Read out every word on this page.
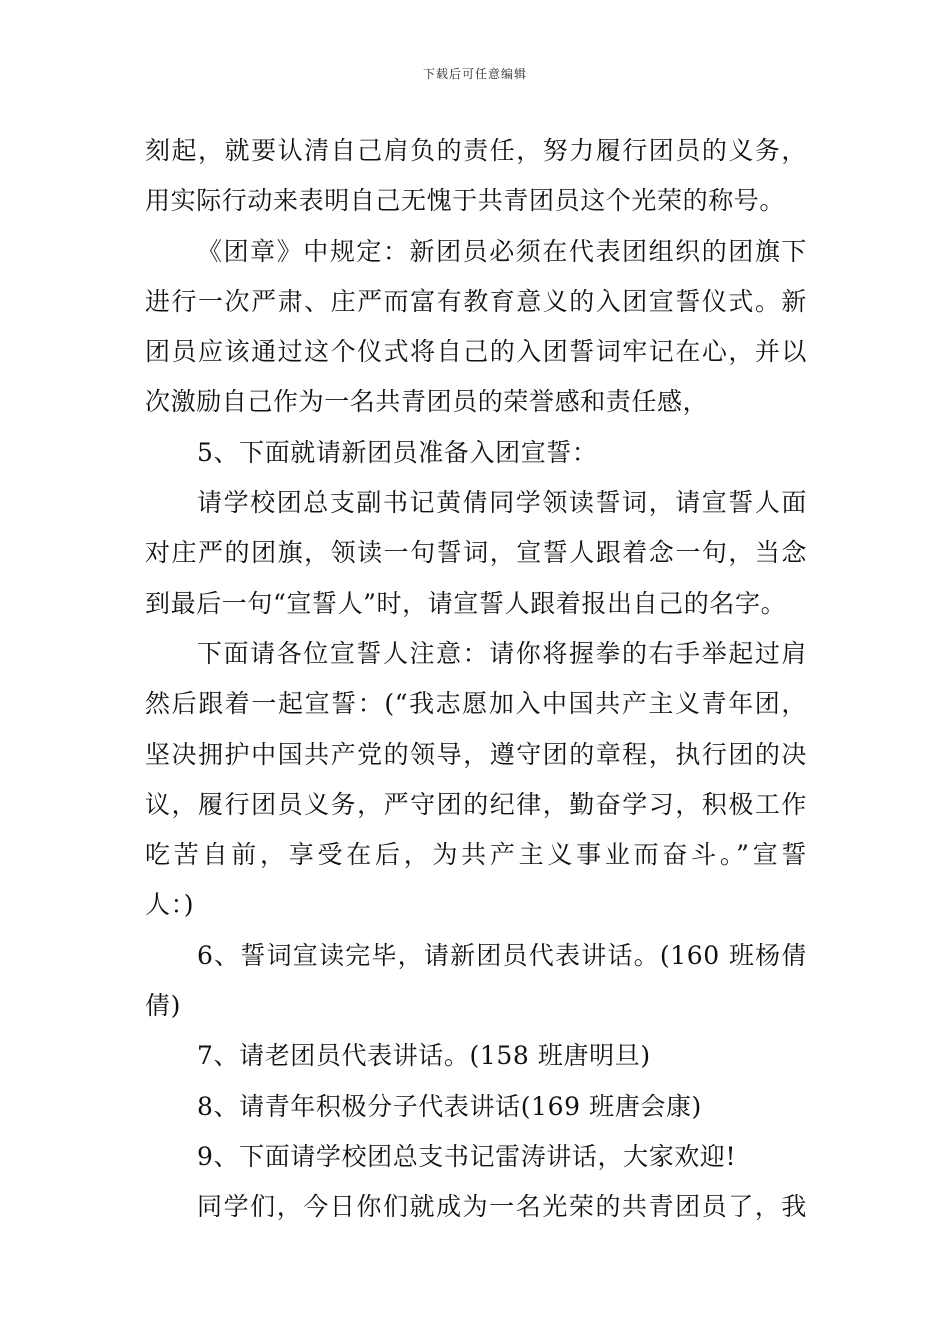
下载后可任意编辑
刻起，就要认清自己肩负的责任，努力履行团员的义务，
用实际行动来表明自己无愧于共青团员这个光荣的称号。
《团章》中规定：新团员必须在代表团组织的团旗下
进行一次严肃、庄严而富有教育意义的入团宣誓仪式。新
团员应该通过这个仪式将自己的入团誓词牢记在心，并以
次激励自己作为一名共青团员的荣誉感和责任感，
5、下面就请新团员准备入团宣誓：
请学校团总支副书记黄倩同学领读誓词，请宣誓人面
对庄严的团旗，领读一句誓词，宣誓人跟着念一句，当念
到最后一句“宣誓人”时，请宣誓人跟着报出自己的名字。
下面请各位宣誓人注意：请你将握拳的右手举起过肩
然后跟着一起宣誓：(“我志愿加入中国共产主义青年团，
坚决拥护中国共产党的领导，遵守团的章程，执行团的决
议，履行团员义务，严守团的纪律，勤奋学习，积极工作
吃苦自前，享受在后，为共产主义事业而奋斗。”宣誓
人：)
6、誓词宣读完毕，请新团员代表讲话。(160 班杨倩
倩)
7、请老团员代表讲话。(158 班唐明旦)
8、请青年积极分子代表讲话(169 班唐会康)
9、下面请学校团总支书记雷涛讲话，大家欢迎!
同学们，今日你们就成为一名光荣的共青团员了，我
